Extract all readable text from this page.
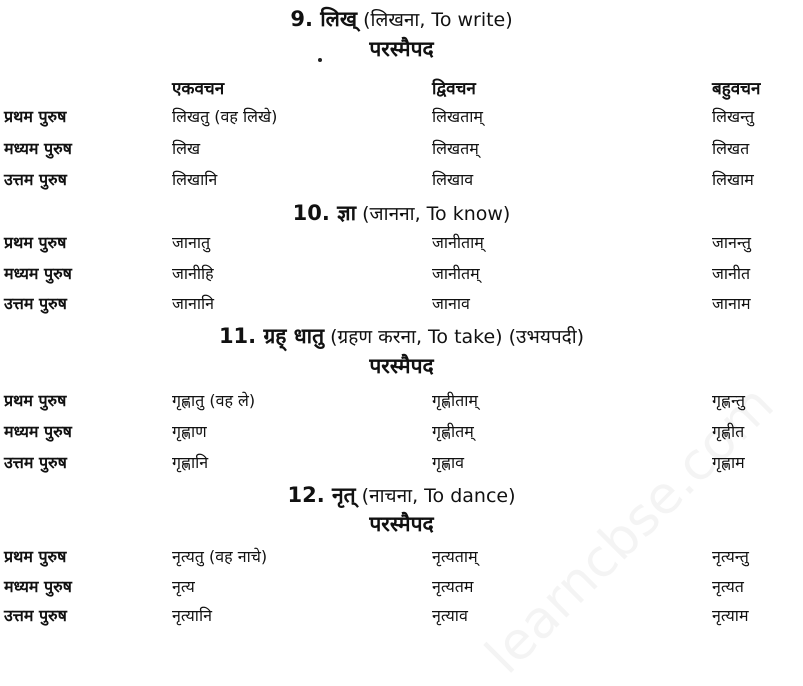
9. लिख् (लिखना, To write)
परस्मैपद
एकवचन	द्विवचन	बहुवचन
प्रथम पुरुष	लिखतु (वह लिखे)	लिखताम्	लिखन्तु
मध्यम पुरुष	लिख	लिखतम्	लिखत
उत्तम पुरुष	लिखानि	लिखाव	लिखाम
10. ज्ञा (जानना, To know)
प्रथम पुरुष	जानातु	जानीताम्	जानन्तु
मध्यम पुरुष	जानीहि	जानीतम्	जानीत
उत्तम पुरुष	जानानि	जानाव	जानाम
11. ग्रह् धातु (ग्रहण करना, To take) (उभयपदी)
परस्मैपद
प्रथम पुरुष	गृह्णातु (वह ले)	गृह्णीताम्	गृह्णन्तु
मध्यम पुरुष	गृह्णाण	गृह्णीतम्	गृह्णीत
उत्तम पुरुष	गृह्णानि	गृह्णाव	गृह्णाम
12. नृत् (नाचना, To dance)
परस्मैपद
प्रथम पुरुष	नृत्यतु (वह नाचे)	नृत्यताम्	नृत्यन्तु
मध्यम पुरुष	नृत्य	नृत्यतम	नृत्यत
उत्तम पुरुष	नृत्यानि	नृत्याव	नृत्याम
